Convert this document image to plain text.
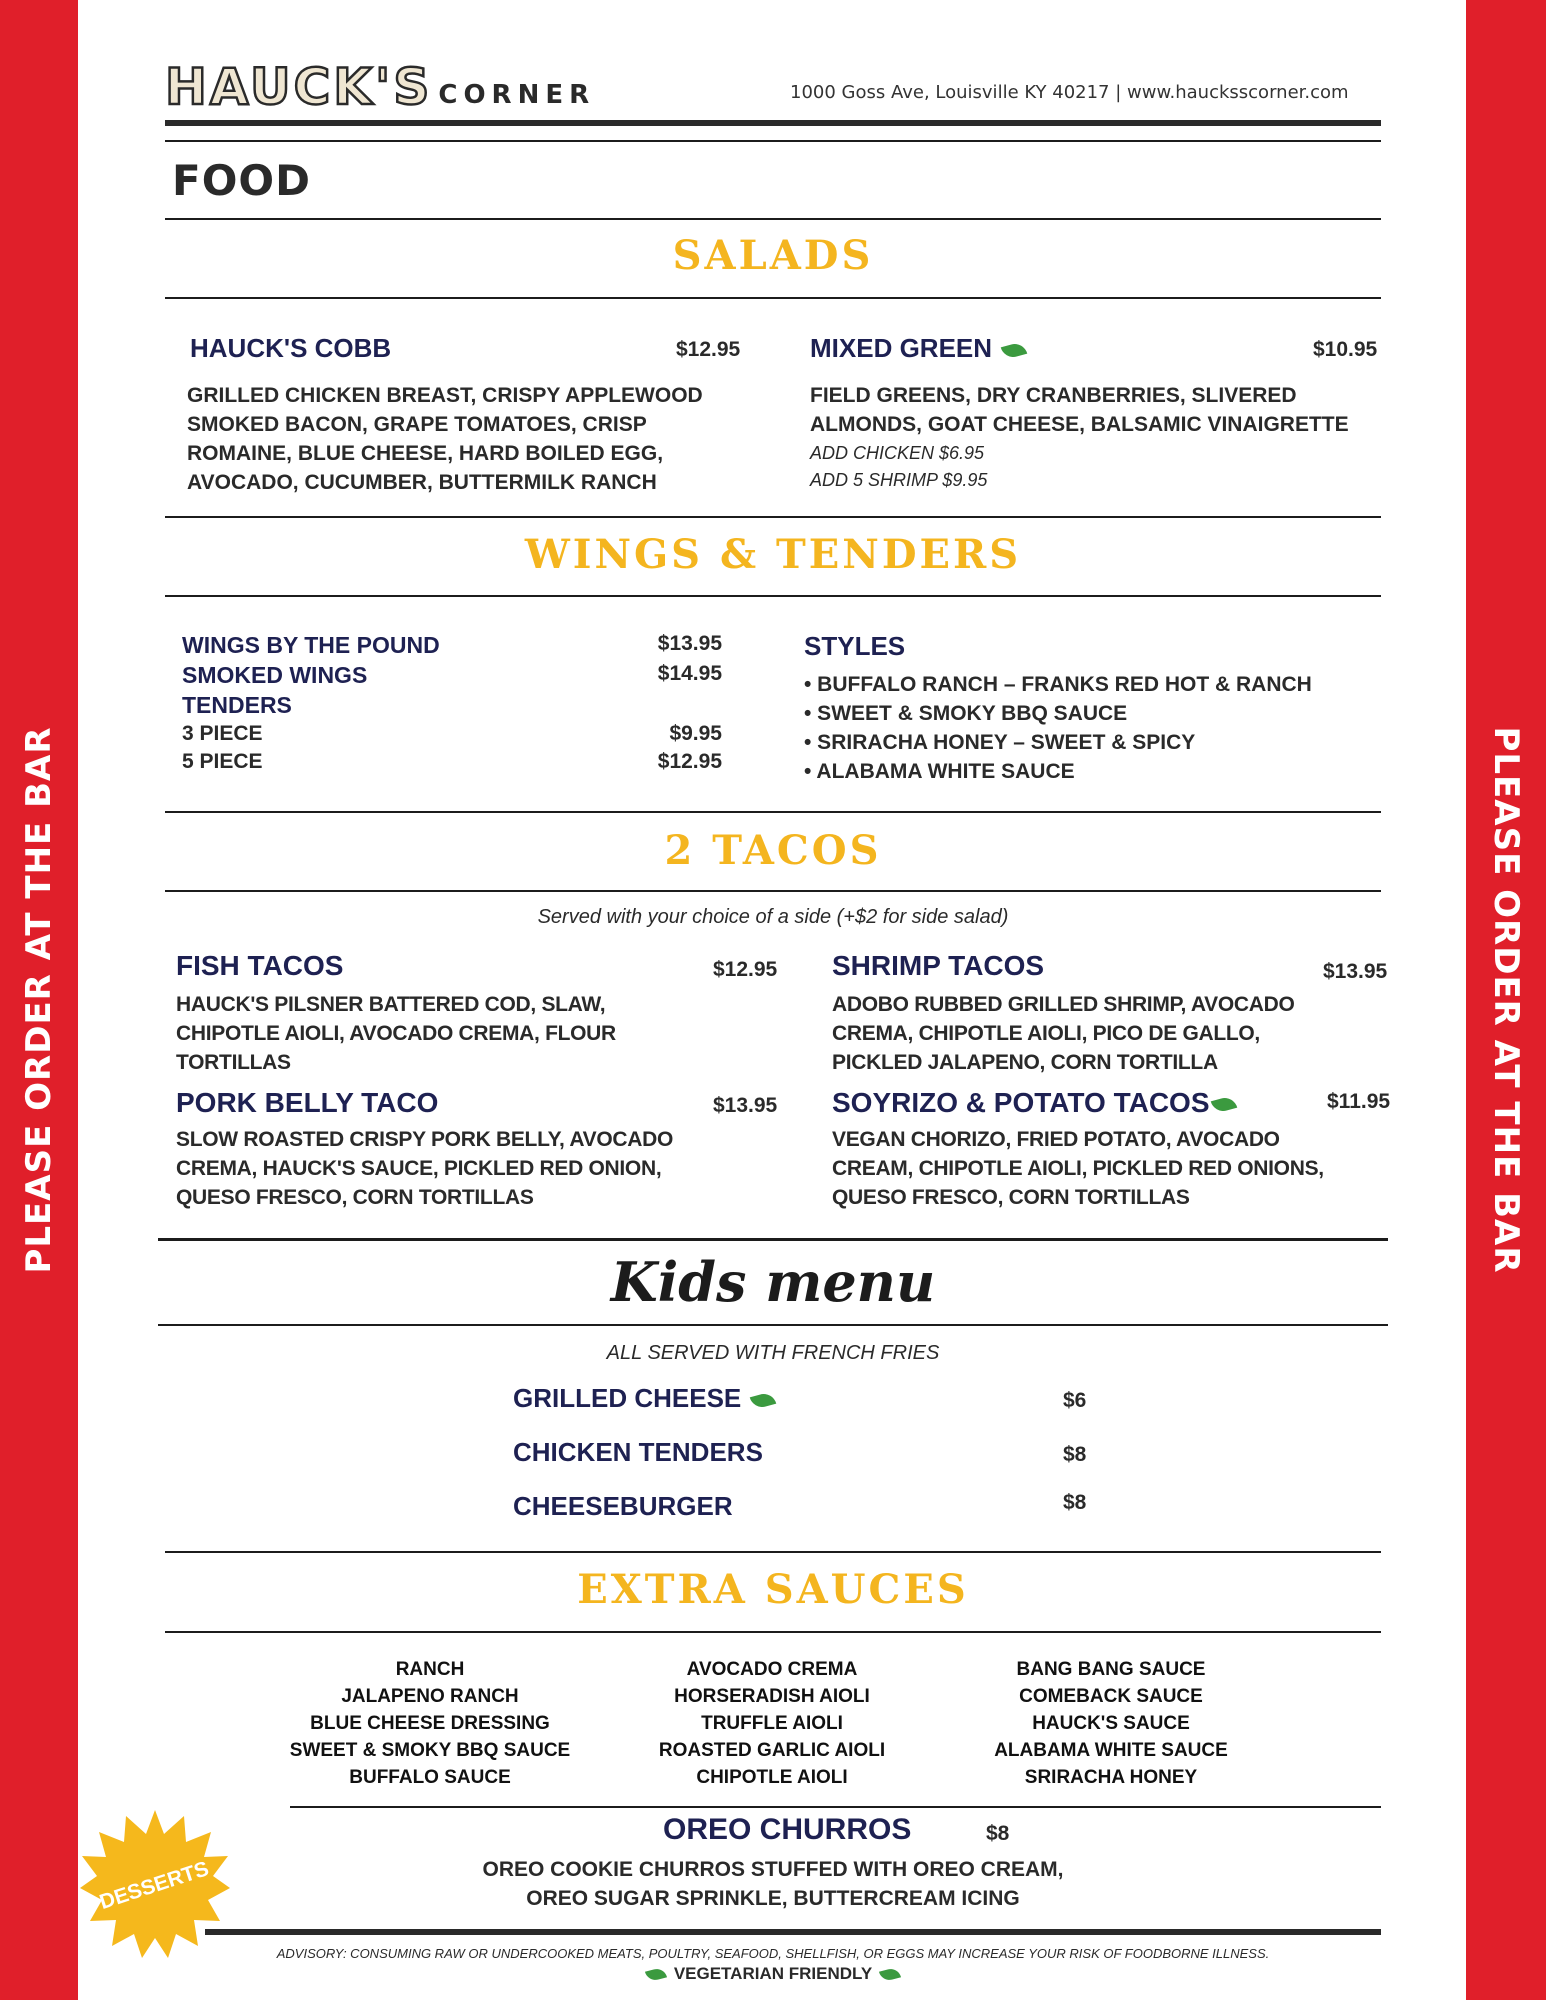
PLEASE ORDER AT THE BAR	PLEASE ORDER AT THE BAR
HAUCK'S CORNER	1000 Goss Ave, Louisville KY 40217 | www.haucksscorner.com
FOOD
SALADS
HAUCK'S COBB	$12.95
GRILLED CHICKEN BREAST, CRISPY APPLEWOOD SMOKED BACON, GRAPE TOMATOES, CRISP ROMAINE, BLUE CHEESE, HARD BOILED EGG, AVOCADO, CUCUMBER, BUTTERMILK RANCH
MIXED GREEN	$10.95
FIELD GREENS, DRY CRANBERRIES, SLIVERED ALMONDS, GOAT CHEESE, BALSAMIC VINAIGRETTE
ADD CHICKEN $6.95
ADD 5 SHRIMP $9.95
WINGS & TENDERS
WINGS BY THE POUND	$13.95
SMOKED WINGS	$14.95
TENDERS
3 PIECE	$9.95
5 PIECE	$12.95
STYLES
• BUFFALO RANCH – FRANKS RED HOT & RANCH
• SWEET & SMOKY BBQ SAUCE
• SRIRACHA HONEY – SWEET & SPICY
• ALABAMA WHITE SAUCE
2 TACOS
Served with your choice of a side (+$2 for side salad)
FISH TACOS	$12.95
HAUCK'S PILSNER BATTERED COD, SLAW, CHIPOTLE AIOLI, AVOCADO CREMA, FLOUR TORTILLAS
SHRIMP TACOS	$13.95
ADOBO RUBBED GRILLED SHRIMP, AVOCADO CREMA, CHIPOTLE AIOLI, PICO DE GALLO, PICKLED JALAPENO, CORN TORTILLA
PORK BELLY TACO	$13.95
SLOW ROASTED CRISPY PORK BELLY, AVOCADO CREMA, HAUCK'S SAUCE, PICKLED RED ONION, QUESO FRESCO, CORN TORTILLAS
SOYRIZO & POTATO TACOS	$11.95
VEGAN CHORIZO, FRIED POTATO, AVOCADO CREAM, CHIPOTLE AIOLI, PICKLED RED ONIONS, QUESO FRESCO, CORN TORTILLAS
Kids menu
ALL SERVED WITH FRENCH FRIES
GRILLED CHEESE	$6
CHICKEN TENDERS	$8
CHEESEBURGER	$8
EXTRA SAUCES
RANCH
JALAPENO RANCH
BLUE CHEESE DRESSING
SWEET & SMOKY BBQ SAUCE
BUFFALO SAUCE
AVOCADO CREMA
HORSERADISH AIOLI
TRUFFLE AIOLI
ROASTED GARLIC AIOLI
CHIPOTLE AIOLI
BANG BANG SAUCE
COMEBACK SAUCE
HAUCK'S SAUCE
ALABAMA WHITE SAUCE
SRIRACHA HONEY
DESSERTS
OREO CHURROS	$8
OREO COOKIE CHURROS STUFFED WITH OREO CREAM,
OREO SUGAR SPRINKLE, BUTTERCREAM ICING
ADVISORY: CONSUMING RAW OR UNDERCOOKED MEATS, POULTRY, SEAFOOD, SHELLFISH, OR EGGS MAY INCREASE YOUR RISK OF FOODBORNE ILLNESS.
VEGETARIAN FRIENDLY
